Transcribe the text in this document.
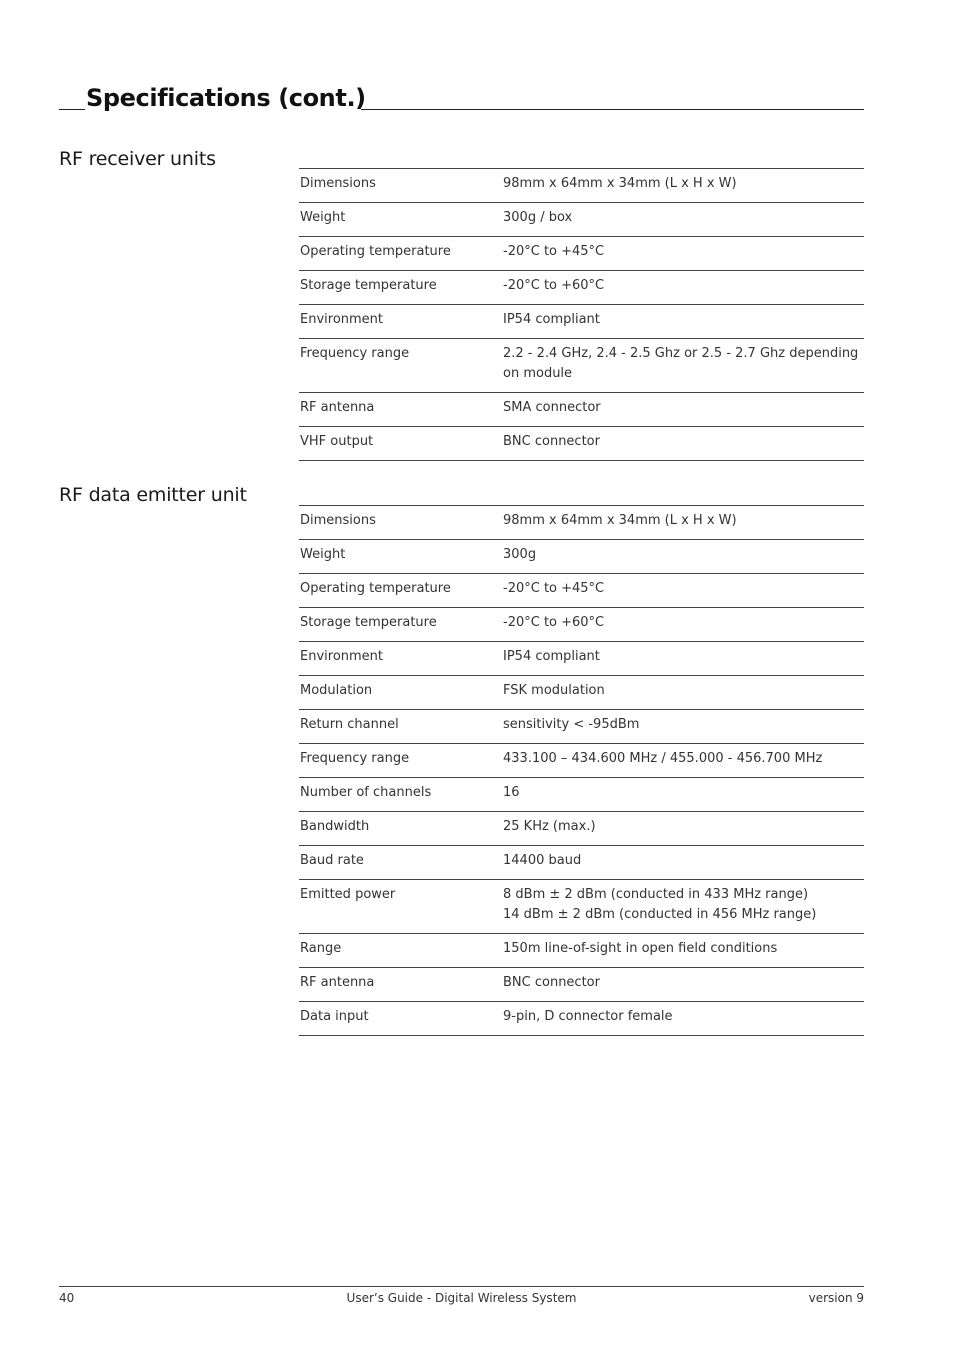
Specifications (cont.)
RF receiver units
Dimensions	98mm x 64mm x 34mm (L x H x W)
Weight	300g / box
Operating temperature	-20°C to +45°C
Storage temperature	-20°C to +60°C
Environment	IP54 compliant
Frequency range	2.2 - 2.4 GHz, 2.4 - 2.5 Ghz or 2.5 - 2.7 Ghz depending
on module
RF antenna	SMA connector
VHF output	BNC connector
RF data emitter unit
Dimensions	98mm x 64mm x 34mm (L x H x W)
Weight	300g
Operating temperature	-20°C to +45°C
Storage temperature	-20°C to +60°C
Environment	IP54 compliant
Modulation	FSK modulation
Return channel	sensitivity < -95dBm
Frequency range	433.100 – 434.600 MHz / 455.000 - 456.700 MHz
Number of channels	16
Bandwidth	25 KHz (max.)
Baud rate	14400 baud
Emitted power	8 dBm ± 2 dBm (conducted in 433 MHz range)
14 dBm ± 2 dBm (conducted in 456 MHz range)
Range	150m line-of-sight in open field conditions
RF antenna	BNC connector
Data input	9-pin, D connector female
40	User’s Guide - Digital Wireless System	version 9
